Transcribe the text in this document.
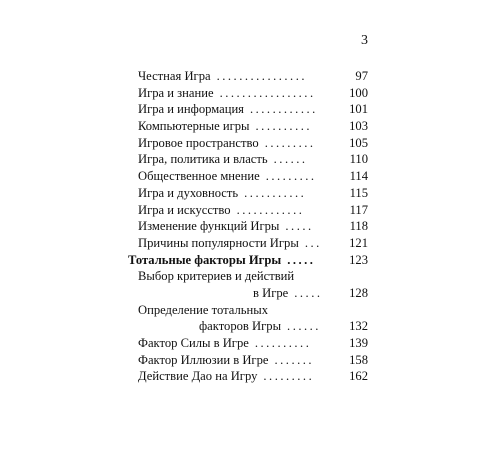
3
Честная Игра ................	97
Игра и знание .................	100
Игра и информация ............ 101
Компьютерные игры ..........	103
Игровое пространство .........	105
Игра, политика и власть ......	110
Общественное мнение .........	114
Игра и духовность ...........	115
Игра и искусство ............	117
Изменение функций Игры .....	118
Причины популярности Игры ... 121
Тотальные факторы Игры .....	123
Выбор критериев и действий
в Игре .....	128
Определение тотальных
факторов Игры ......	132
Фактор Силы в Игре ..........	139
Фактор Иллюзии в Игре .......	158
Действие Дао на Игру .........	162
